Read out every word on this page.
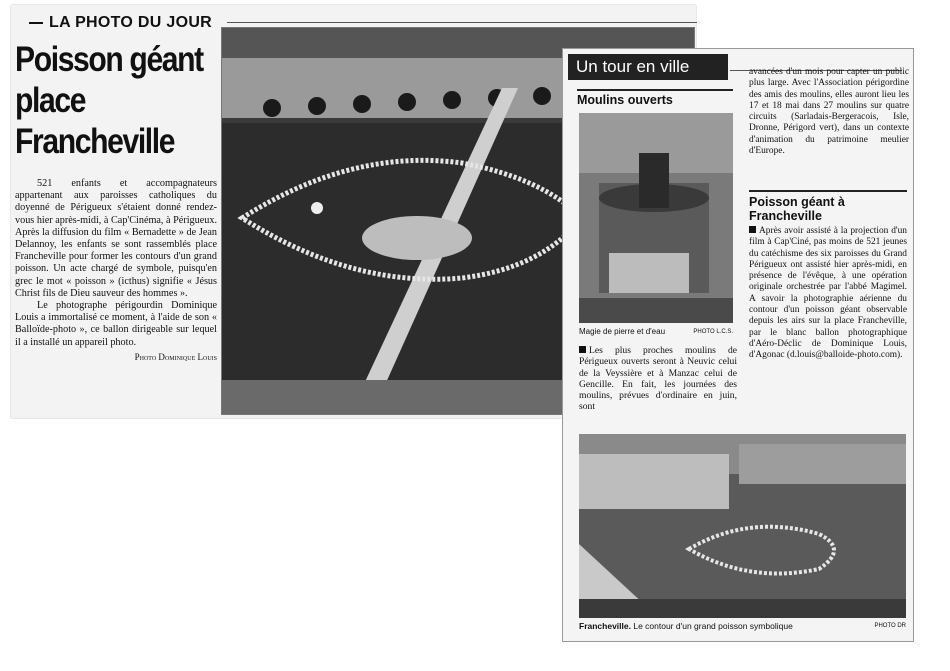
LA PHOTO DU JOUR
Poisson géant
place
Francheville

521 enfants et accompagnateurs appartenant aux paroisses catholiques du doyenné de Périgueux s'étaient donné rendez-vous hier après-midi, à Cap'Cinéma, à Périgueux. Après la diffusion du film « Bernadette » de Jean Delannoy, les enfants se sont rassemblés place Francheville pour former les contours d'un grand poisson. Un acte chargé de symbole, puisqu'en grec le mot « poisson » (icthus) signifie « Jésus Christ fils de Dieu sauveur des hommes ».

Le photographe périgourdin Dominique Louis a immortalisé ce moment, à l'aide de son « Balloïde-photo », ce ballon dirigeable sur lequel il a installé un appareil photo.

Photo Dominique Louis

Un tour en ville	avancées d'un mois pour capter un public plus large. Avec l'Association périgordine des amis des moulins, elles auront lieu les 17 et 18 mai dans 27 moulins sur quatre circuits (Sarladais-Bergeracois, Isle, Dronne, Périgord vert), dans un contexte d'animation du patrimoine meulier d'Europe.
Moulins ouverts
Magie de pierre et d'eau	PHOTO L.C.S.
Les plus proches moulins de Périgueux ouverts seront à Neuvic celui de la Veyssière et à Manzac celui de Gencille. En fait, les journées des moulins, prévues d'ordinaire en juin, sont
Poisson géant à Francheville
Après avoir assisté à la projection d'un film à Cap'Ciné, pas moins de 521 jeunes du catéchisme des six paroisses du Grand Périgueux ont assisté hier après-midi, en présence de l'évêque, à une opération originale orchestrée par l'abbé Magimel. A savoir la photographie aérienne du contour d'un poisson géant observable depuis les airs sur la place Francheville, par le blanc ballon photographique d'Aéro-Déclic de Dominique Louis, d'Agonac (d.louis@balloide-photo.com).
Francheville. Le contour d'un grand poisson symbolique	PHOTO DR
